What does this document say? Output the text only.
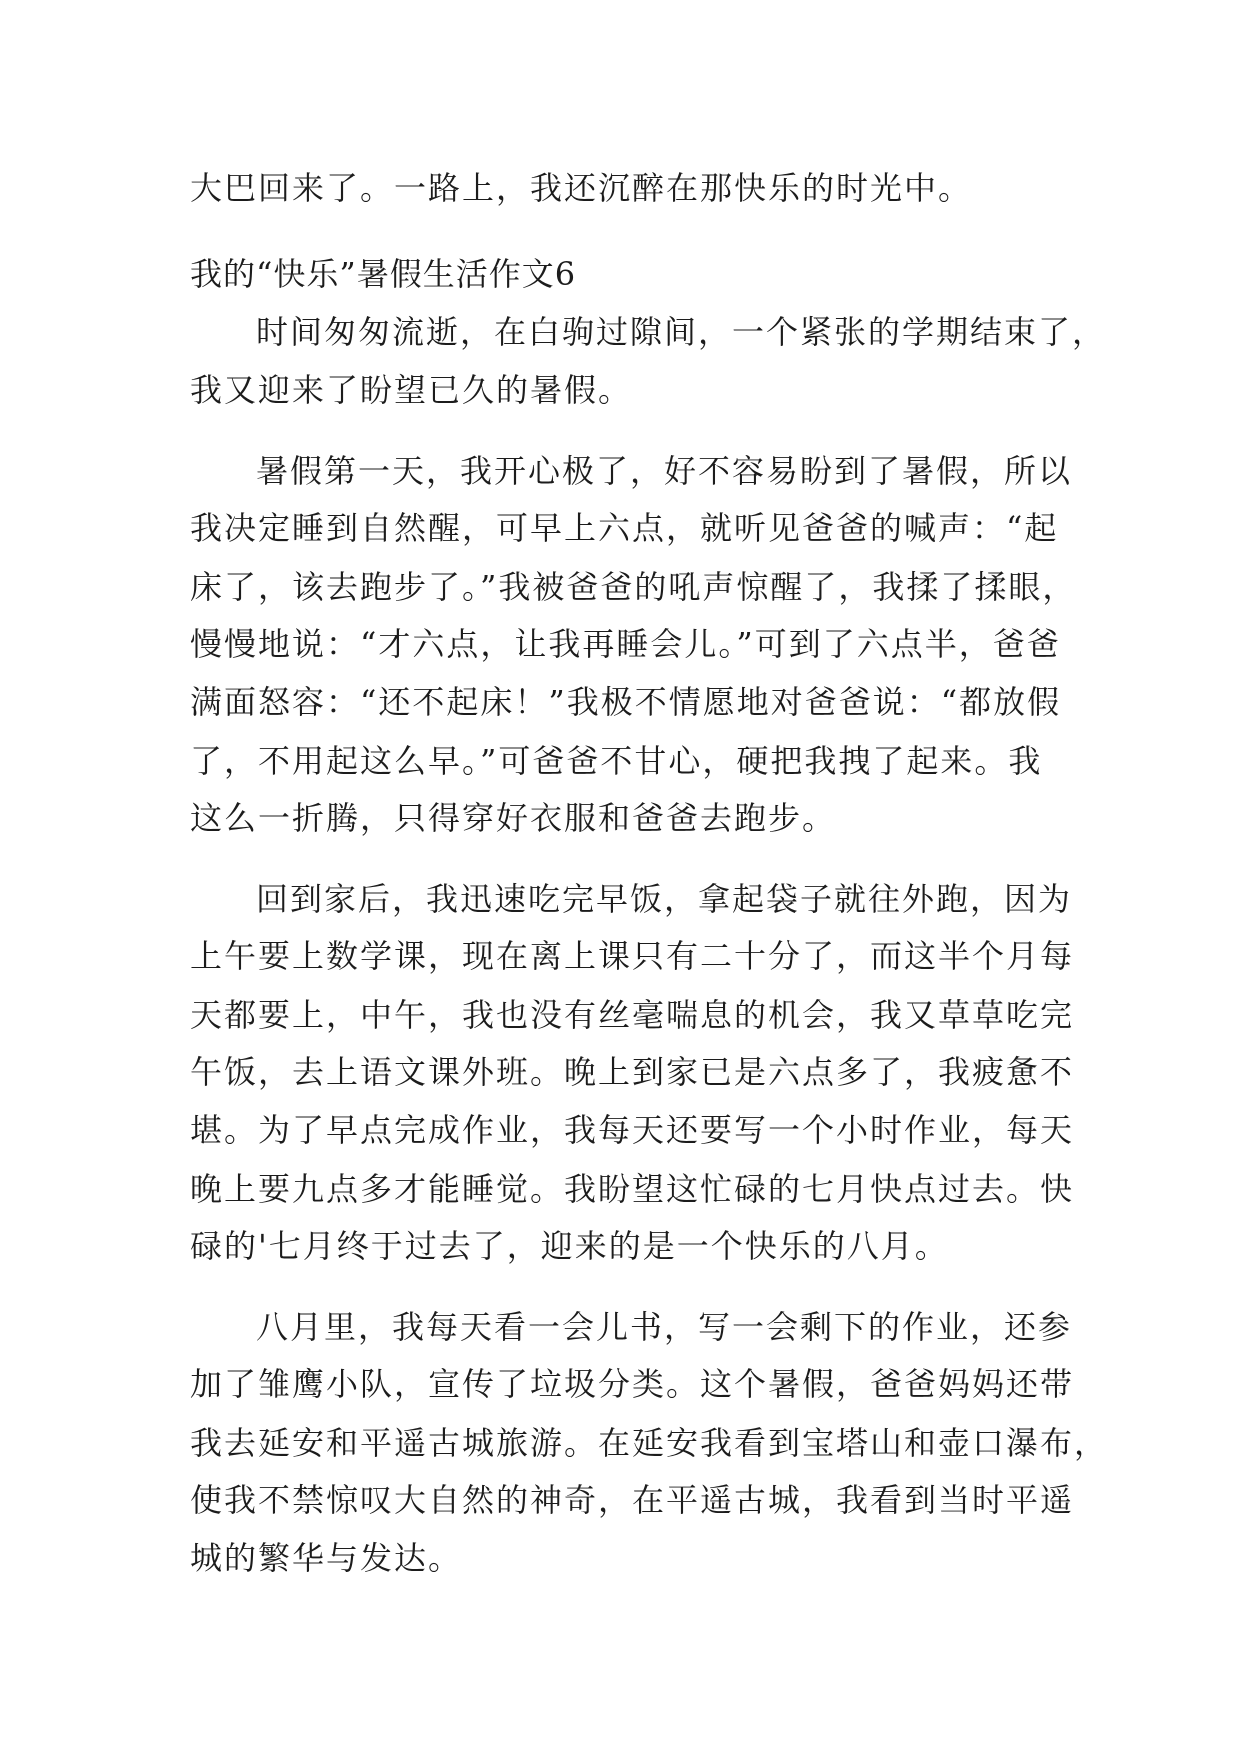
大巴回来了。一路上，我还沉醉在那快乐的时光中。
我的“快乐”暑假生活作文6
时间匆匆流逝，在白驹过隙间，一个紧张的学期结束了，
我又迎来了盼望已久的暑假。
暑假第一天，我开心极了，好不容易盼到了暑假，所以
我决定睡到自然醒，可早上六点，就听见爸爸的喊声：“起
床了，该去跑步了。”我被爸爸的吼声惊醒了，我揉了揉眼，
慢慢地说：“才六点，让我再睡会儿。”可到了六点半，爸爸
满面怒容：“还不起床！”我极不情愿地对爸爸说：“都放假
了，不用起这么早。”可爸爸不甘心，硬把我拽了起来。我
这么一折腾，只得穿好衣服和爸爸去跑步。
回到家后，我迅速吃完早饭，拿起袋子就往外跑，因为
上午要上数学课，现在离上课只有二十分了，而这半个月每
天都要上，中午，我也没有丝毫喘息的机会，我又草草吃完
午饭，去上语文课外班。晚上到家已是六点多了，我疲惫不
堪。为了早点完成作业，我每天还要写一个小时作业，每天
晚上要九点多才能睡觉。我盼望这忙碌的七月快点过去。快
碌的'七月终于过去了，迎来的是一个快乐的八月。
八月里，我每天看一会儿书，写一会剩下的作业，还参
加了雏鹰小队，宣传了垃圾分类。这个暑假，爸爸妈妈还带
我去延安和平遥古城旅游。在延安我看到宝塔山和壶口瀑布，
使我不禁惊叹大自然的神奇，在平遥古城，我看到当时平遥
城的繁华与发达。
